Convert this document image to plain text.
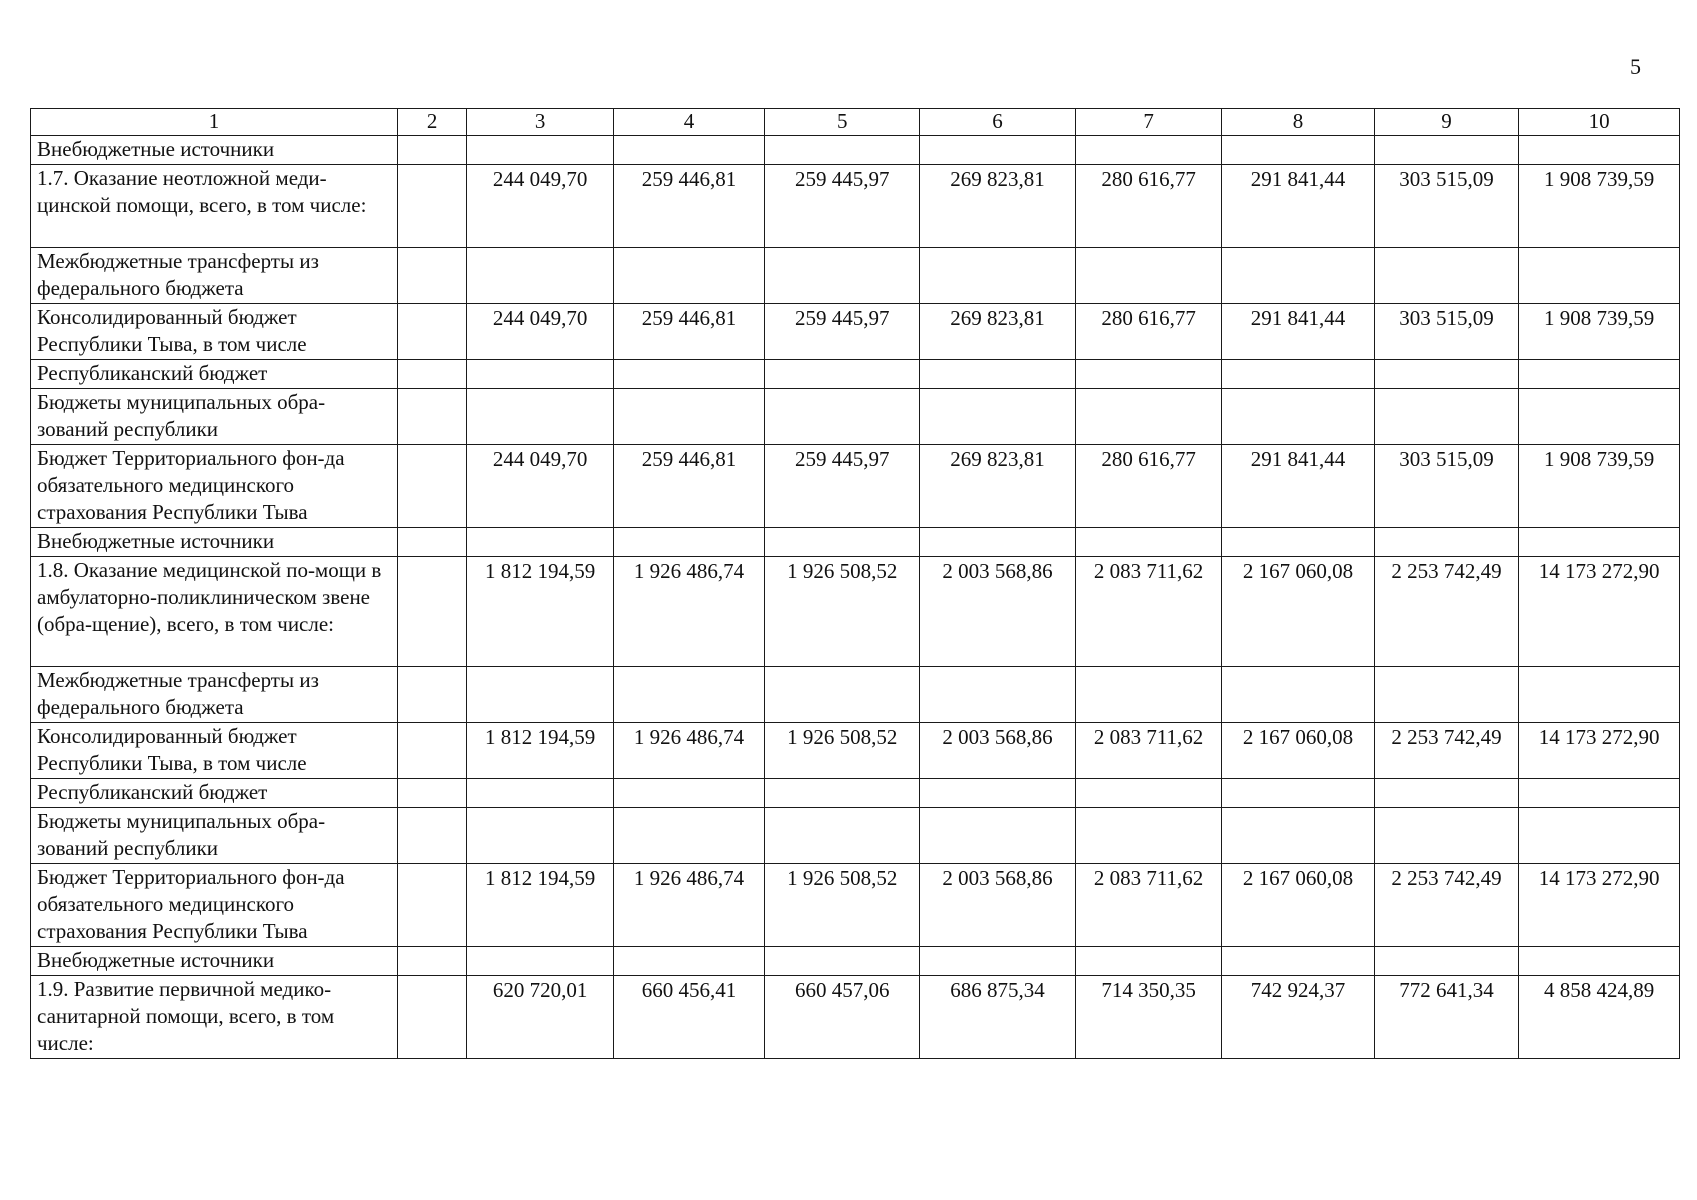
5
1	2	3	4	5	6	7	8	9	10
Внебюджетные источники									
1.7. Оказание неотложной меди-цинской помощи, всего, в том числе:		244 049,70	259 446,81	259 445,97	269 823,81	280 616,77	291 841,44	303 515,09	1 908 739,59
Межбюджетные трансферты из федерального бюджета									
Консолидированный бюджет Республики Тыва, в том числе		244 049,70	259 446,81	259 445,97	269 823,81	280 616,77	291 841,44	303 515,09	1 908 739,59
Республиканский бюджет									
Бюджеты муниципальных обра-зований республики									
Бюджет Территориального фон-да обязательного медицинского страхования Республики Тыва		244 049,70	259 446,81	259 445,97	269 823,81	280 616,77	291 841,44	303 515,09	1 908 739,59
Внебюджетные источники									
1.8. Оказание медицинской по-мощи в амбулаторно-поликлиническом звене (обра-щение), всего, в том числе:		1 812 194,59	1 926 486,74	1 926 508,52	2 003 568,86	2 083 711,62	2 167 060,08	2 253 742,49	14 173 272,90
Межбюджетные трансферты из федерального бюджета									
Консолидированный бюджет Республики Тыва, в том числе		1 812 194,59	1 926 486,74	1 926 508,52	2 003 568,86	2 083 711,62	2 167 060,08	2 253 742,49	14 173 272,90
Республиканский бюджет									
Бюджеты муниципальных обра-зований республики									
Бюджет Территориального фон-да обязательного медицинского страхования Республики Тыва		1 812 194,59	1 926 486,74	1 926 508,52	2 003 568,86	2 083 711,62	2 167 060,08	2 253 742,49	14 173 272,90
Внебюджетные источники									
1.9. Развитие первичной медико-санитарной помощи, всего, в том числе:		620 720,01	660 456,41	660 457,06	686 875,34	714 350,35	742 924,37	772 641,34	4 858 424,89
